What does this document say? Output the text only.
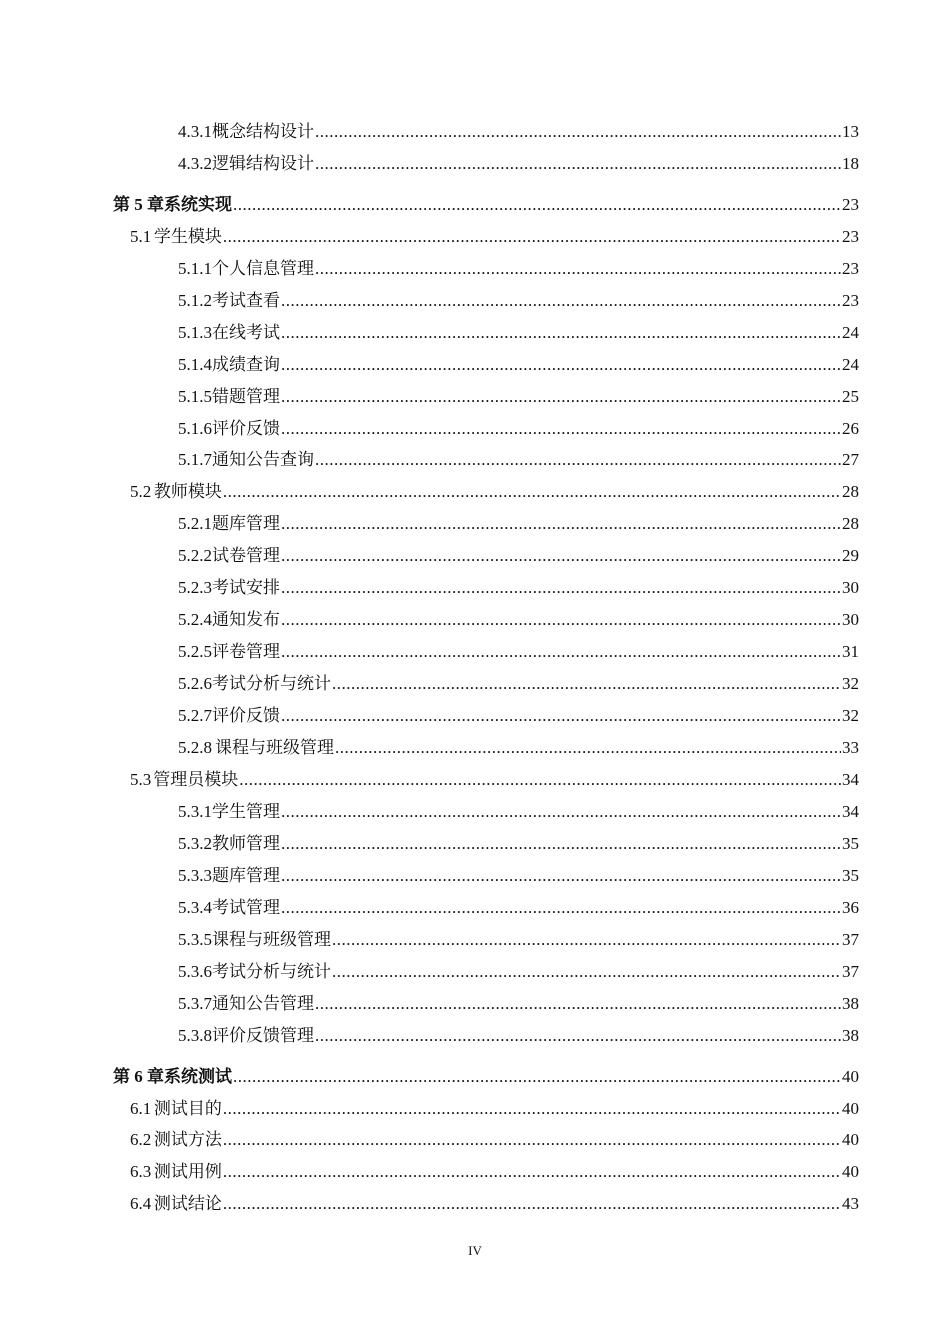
4.3.1 概念结构设计 .....	13
4.3.2 逻辑结构设计 .....	18
第 5 章 系统实现 .....	23
5.1 学生模块 .....	23
5.1.1 个人信息管理 .....	23
5.1.2 考试查看 .....	23
5.1.3 在线考试 .....	24
5.1.4 成绩查询 .....	24
5.1.5 错题管理 .....	25
5.1.6 评价反馈 .....	26
5.1.7 通知公告查询 .....	27
5.2 教师模块 .....	28
5.2.1 题库管理 .....	28
5.2.2 试卷管理 .....	29
5.2.3 考试安排 .....	30
5.2.4 通知发布 .....	30
5.2.5 评卷管理 .....	31
5.2.6 考试分析与统计 .....	32
5.2.7 评价反馈 .....	32
5.2.8 课程与班级管理 .....	33
5.3 管理员模块 .....	34
5.3.1 学生管理 .....	34
5.3.2 教师管理 .....	35
5.3.3 题库管理 .....	35
5.3.4 考试管理 .....	36
5.3.5 课程与班级管理 .....	37
5.3.6 考试分析与统计 .....	37
5.3.7 通知公告管理 .....	38
5.3.8 评价反馈管理 .....	38
第 6 章 系统测试 .....	40
6.1 测试目的 .....	40
6.2 测试方法 .....	40
6.3 测试用例 .....	40
6.4 测试结论 .....	43
IV
